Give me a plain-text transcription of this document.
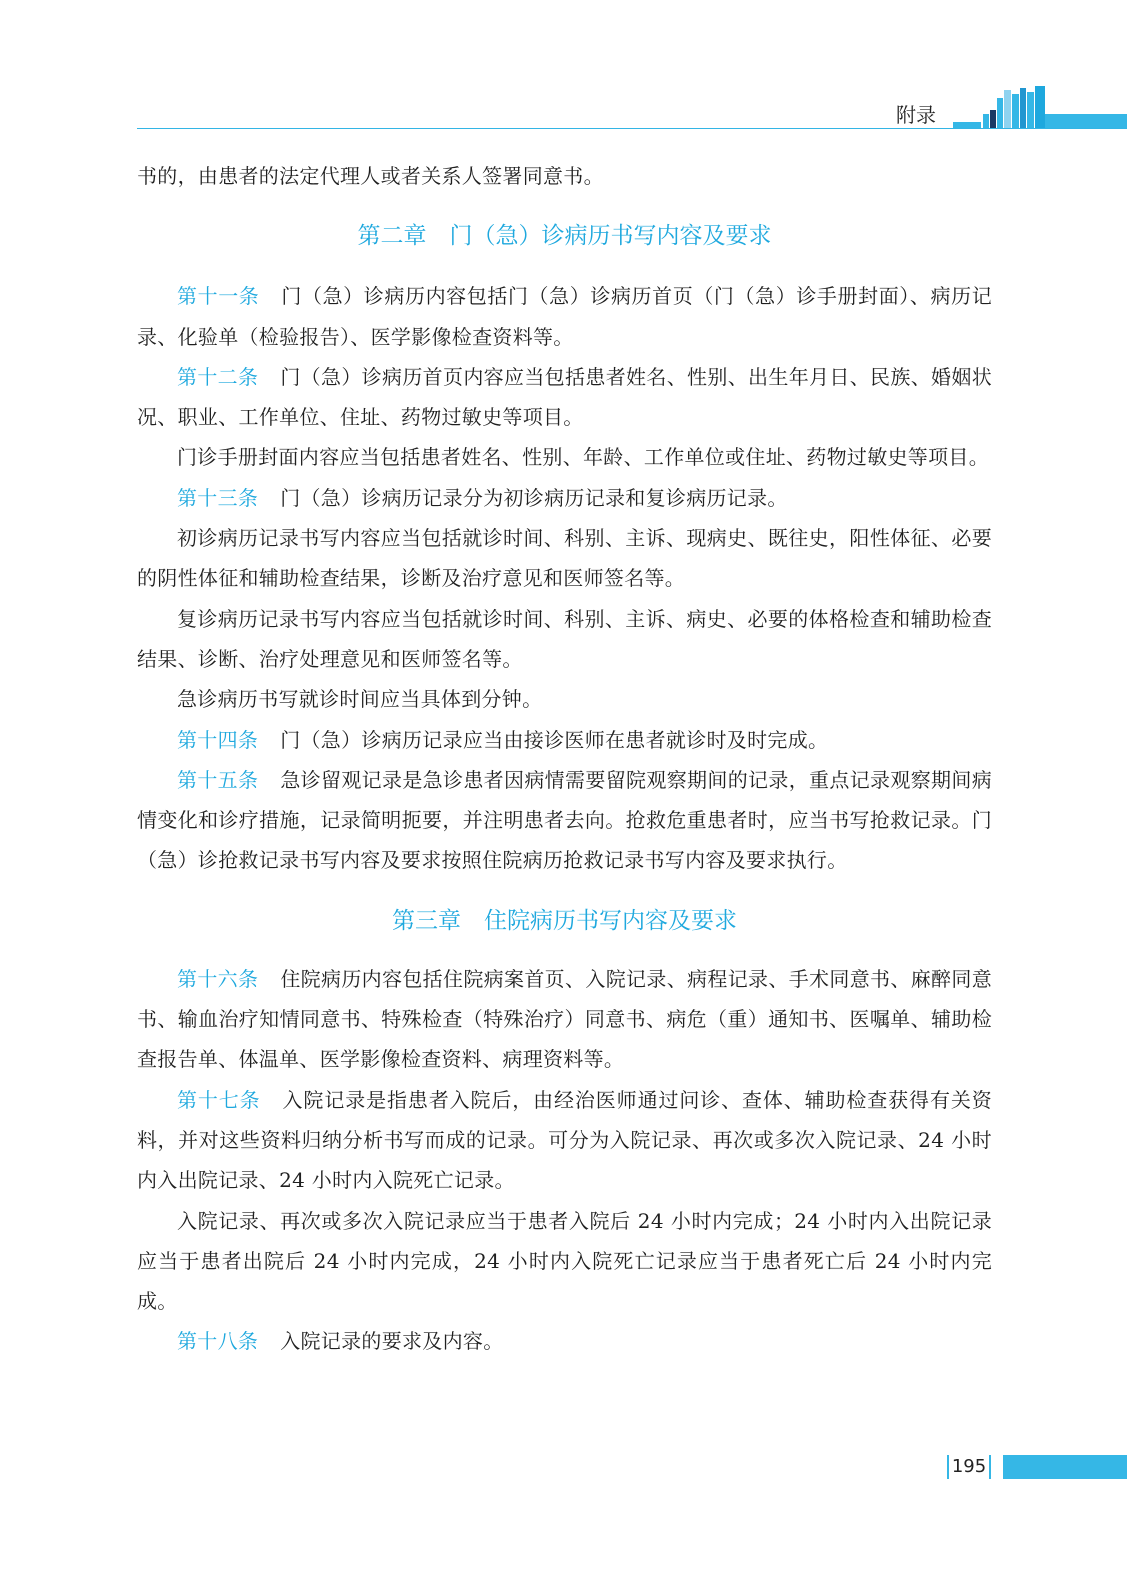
附录

书的，由患者的法定代理人或者关系人签署同意书。

第二章　门（急）诊病历书写内容及要求

第十一条 门（急）诊病历内容包括门（急）诊病历首页（门（急）诊手册封面）、病历记录、化验单（检验报告）、医学影像检查资料等。

第十二条 门（急）诊病历首页内容应当包括患者姓名、性别、出生年月日、民族、婚姻状况、职业、工作单位、住址、药物过敏史等项目。

门诊手册封面内容应当包括患者姓名、性别、年龄、工作单位或住址、药物过敏史等项目。

第十三条 门（急）诊病历记录分为初诊病历记录和复诊病历记录。

初诊病历记录书写内容应当包括就诊时间、科别、主诉、现病史、既往史，阳性体征、必要的阴性体征和辅助检查结果，诊断及治疗意见和医师签名等。

复诊病历记录书写内容应当包括就诊时间、科别、主诉、病史、必要的体格检查和辅助检查结果、诊断、治疗处理意见和医师签名等。

急诊病历书写就诊时间应当具体到分钟。

第十四条 门（急）诊病历记录应当由接诊医师在患者就诊时及时完成。

第十五条 急诊留观记录是急诊患者因病情需要留院观察期间的记录，重点记录观察期间病情变化和诊疗措施，记录简明扼要，并注明患者去向。抢救危重患者时，应当书写抢救记录。门（急）诊抢救记录书写内容及要求按照住院病历抢救记录书写内容及要求执行。

第三章　住院病历书写内容及要求

第十六条 住院病历内容包括住院病案首页、入院记录、病程记录、手术同意书、麻醉同意书、输血治疗知情同意书、特殊检查（特殊治疗）同意书、病危（重）通知书、医嘱单、辅助检查报告单、体温单、医学影像检查资料、病理资料等。

第十七条 入院记录是指患者入院后，由经治医师通过问诊、查体、辅助检查获得有关资料，并对这些资料归纳分析书写而成的记录。可分为入院记录、再次或多次入院记录、24 小时内入出院记录、24 小时内入院死亡记录。

入院记录、再次或多次入院记录应当于患者入院后 24 小时内完成；24 小时内入出院记录应当于患者出院后 24 小时内完成，24 小时内入院死亡记录应当于患者死亡后 24 小时内完成。

第十八条 入院记录的要求及内容。

195
